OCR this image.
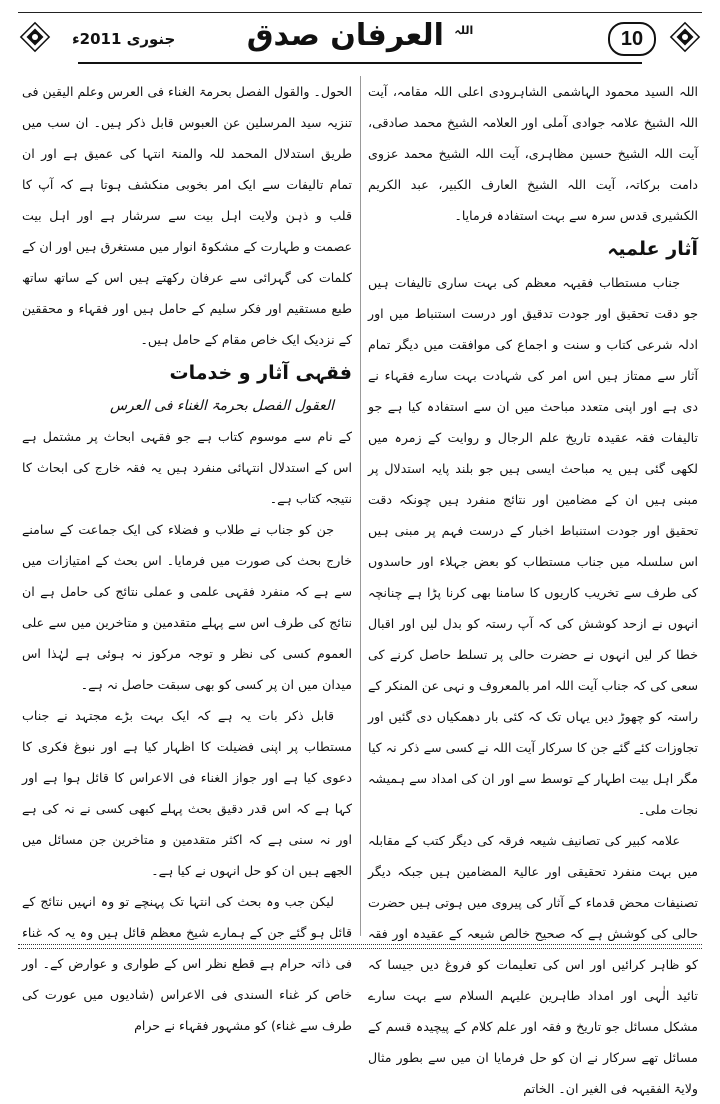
جنوری 2011ء	$^{اللہ}$ العرفان صدق	10

اللہ السید محمود الہاشمی الشاہرودی اعلی اللہ مقامہ، آیت اللہ الشیخ علامہ جوادی آملی اور العلامہ الشیخ محمد صادقی، آیت اللہ الشیخ حسین مظاہری، آیت اللہ الشیخ محمد عزوی دامت برکاتہ، آیت اللہ الشیخ العارف الکبیر، عبد الکریم الکشیری قدس سرہ سے بہت استفادہ فرمایا۔

آثار علمیہ

جناب مستطاب فقیہہ معظم کی بہت ساری تالیفات ہیں جو دقت تحقیق اور جودت تدقیق اور درست استنباط میں اور ادلہ شرعی کتاب و سنت و اجماع کی موافقت میں دیگر تمام آثار سے ممتاز ہیں اس امر کی شہادت بہت سارے فقہاء نے دی ہے اور اپنی متعدد مباحث میں ان سے استفادہ کیا ہے جو تالیفات فقہ عقیدہ تاریخ علم الرجال و روایت کے زمرہ میں لکھی گئی ہیں یہ مباحث ایسی ہیں جو بلند پایہ استدلال پر مبنی ہیں ان کے مضامین اور نتائج منفرد ہیں چونکہ دقت تحقیق اور جودت استنباط اخبار کے درست فہم پر مبنی ہیں اس سلسلہ میں جناب مستطاب کو بعض جہلاء اور حاسدوں کی طرف سے تخریب کاریوں کا سامنا بھی کرنا پڑا ہے چنانچہ انہوں نے ازحد کوشش کی کہ آپ رستہ کو بدل لیں اور اقبال خطا کر لیں انہوں نے حضرت حالی پر تسلط حاصل کرنے کی سعی کی کہ جناب آیت اللہ امر بالمعروف و نہی عن المنکر کے راستہ کو چھوڑ دیں یہاں تک کہ کئی بار دھمکیاں دی گئیں اور تجاوزات کئے گئے جن کا سرکار آیت اللہ نے کسی سے ذکر نہ کیا مگر اہل بیت اطہار کے توسط سے اور ان کی امداد سے ہمیشہ نجات ملی۔

علامہ کبیر کی تصانیف شیعہ فرقہ کی دیگر کتب کے مقابلہ میں بہت منفرد تحقیقی اور عالیۃ المضامین ہیں جبکہ دیگر تصنیفات محض قدماء کے آثار کی پیروی میں ہوتی ہیں حضرت حالی کی کوشش ہے کہ صحیح خالص شیعہ کے عقیدہ اور فقہ کو ظاہر کرائیں اور اس کی تعلیمات کو فروغ دیں جیسا کہ تائید الٰہی اور امداد طاہرین علیہم السلام سے بہت سارے مشکل مسائل جو تاریخ و فقہ اور علم کلام کے پیچیدہ قسم کے مسائل تھے سرکار نے ان کو حل فرمایا ان میں سے بطور مثال ولایۃ الفقیہہ فی الغیر ان۔ الخاتم

الحول۔ والقول الفصل بحرمۃ الغناء فی العرس وعلم الیقین فی تنزیہ سید المرسلین عن العبوس قابل ذکر ہیں۔ ان سب میں طریق استدلال المحمد للہ والمنۃ انتہا کی عمیق ہے اور ان تمام تالیفات سے ایک امر بخوبی منکشف ہوتا ہے کہ آپ کا قلب و ذہن ولایت اہل بیت سے سرشار ہے اور اہل بیت عصمت و طہارت کے مشکوۃ انوار میں مستغرق ہیں اور ان کے کلمات کی گہرائی سے عرفان رکھتے ہیں اس کے ساتھ ساتھ طبع مستقیم اور فکر سلیم کے حامل ہیں اور فقہاء و محققین کے نزدیک ایک خاص مقام کے حامل ہیں۔

فقہی آثار و خدمات

العقول الفصل بحرمۃ الغناء فی العرس

کے نام سے موسوم کتاب ہے جو فقہی ابحاث پر مشتمل ہے اس کے استدلال انتہائی منفرد ہیں یہ فقہ خارج کی ابحاث کا نتیجہ کتاب ہے۔

جن کو جناب نے طلاب و فضلاء کی ایک جماعت کے سامنے خارج بحث کی صورت میں فرمایا۔ اس بحث کے امتیازات میں سے ہے کہ منفرد فقہی علمی و عملی نتائج کی حامل ہے ان نتائج کی طرف اس سے پہلے متقدمین و متاخرین میں سے علی العموم کسی کی نظر و توجہ مرکوز نہ ہوئی ہے لہٰذا اس میدان میں ان پر کسی کو بھی سبقت حاصل نہ ہے۔

قابل ذکر بات یہ ہے کہ ایک بہت بڑے مجتہد نے جناب مستطاب پر اپنی فضیلت کا اظہار کیا ہے اور نبوغ فکری کا دعوی کیا ہے اور جواز الغناء فی الاعراس کا قائل ہوا ہے اور کہا ہے کہ اس قدر دقیق بحث پہلے کبھی کسی نے نہ کی ہے اور نہ سنی ہے کہ اکثر متقدمین و متاخرین جن مسائل میں الجھے ہیں ان کو حل انہوں نے کیا ہے۔

لیکن جب وہ بحث کی انتہا تک پہنچے تو وہ انہیں نتائج کے قائل ہو گئے جن کے ہمارے شیخ معظم قائل ہیں وہ یہ کہ غناء فی ذاتہ حرام ہے قطع نظر اس کے طواری و عوارض کے۔ اور خاص کر غناء السندی فی الاعراس (شادیوں میں عورت کی طرف سے غناء) کو مشہور فقہاء نے حرام
